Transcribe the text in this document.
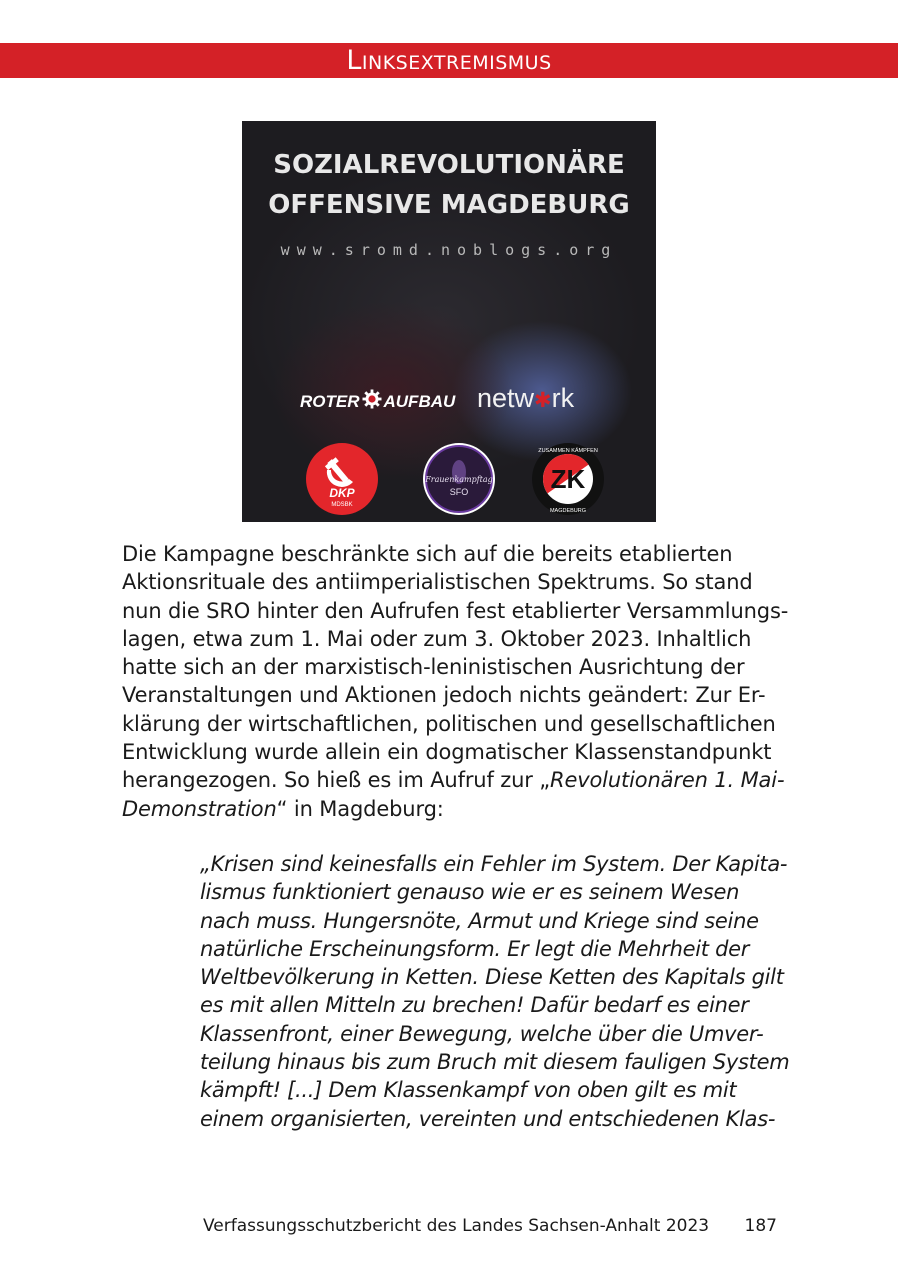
Linksextremismus
SOZIALREVOLUTIONÄRE
OFFENSIVE MAGDEBURG
www.sromd.noblogs.org
ROTER AUFBAU netw✱rk
DKP
MDSBK
Frauenkampftag
SFO	ZK
ZUSAMMEN KÄMPFEN
MAGDEBURG
Die Kampagne beschränkte sich auf die bereits etablierten
Aktionsrituale des antiimperialistischen Spektrums. So stand
nun die SRO hinter den Aufrufen fest etablierter Versammlungs-
lagen, etwa zum 1. Mai oder zum 3. Oktober 2023. Inhaltlich
hatte sich an der marxistisch-leninistischen Ausrichtung der
Veranstaltungen und Aktionen jedoch nichts geändert: Zur Er-
klärung der wirtschaftlichen, politischen und gesellschaftlichen
Entwicklung wurde allein ein dogmatischer Klassenstandpunkt
herangezogen. So hieß es im Aufruf zur „Revolutionären 1. Mai-
Demonstration“ in Magdeburg:
„Krisen sind keinesfalls ein Fehler im System. Der Kapita-
lismus funktioniert genauso wie er es seinem Wesen
nach muss. Hungersnöte, Armut und Kriege sind seine
natürliche Erscheinungsform. Er legt die Mehrheit der
Weltbevölkerung in Ketten. Diese Ketten des Kapitals gilt
es mit allen Mitteln zu brechen! Dafür bedarf es einer
Klassenfront, einer Bewegung, welche über die Umver-
teilung hinaus bis zum Bruch mit diesem fauligen System
kämpft! [...] Dem Klassenkampf von oben gilt es mit
einem organisierten, vereinten und entschiedenen Klas-
Verfassungsschutzbericht des Landes Sachsen-Anhalt 2023 187
